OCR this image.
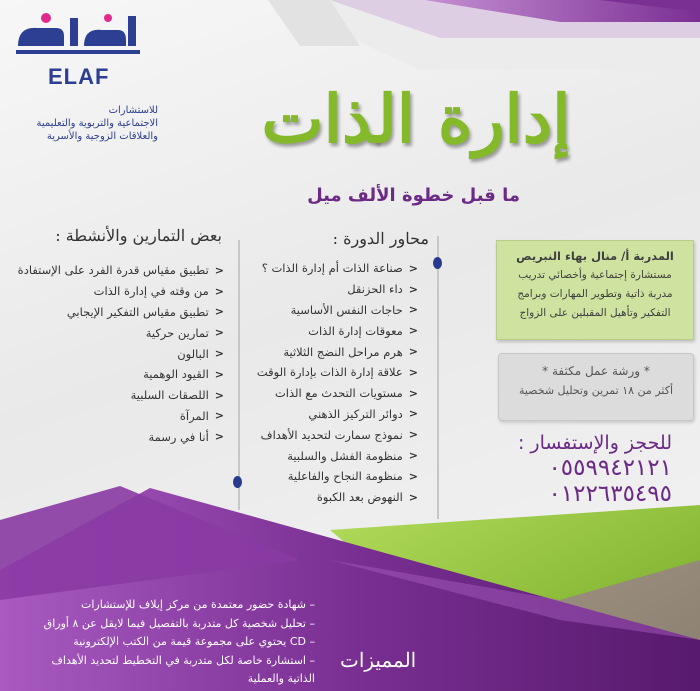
ELAF
للاستشارات
الاجتماعية والتربوية والتعليمية
والعلاقات الزوجية والأسرية	إدارة الذات
ما قبل خطوة الألف ميل
المدربة أ/ منال بهاء النبريص
مستشارة إجتماعية وأخصائي تدريب
مدربة ذاتية وتطوير المهارات وبرامج
التفكير وتأهيل المقبلين على الزواج
* ورشة عمل مكثفة *
أكثر من ١٨ تمرين وتحليل شخصية
للحجز والإستفسار :
٠٥٥٩٩٤٢١٢١
٠١٢٢٦٣٥٤٩٥
محاور الدورة :
<
صناعة الذات أم إدارة الذات ؟
<
داء الحزنقل
<
حاجات النفس الأساسية
<
معوقات إدارة الذات
<
هرم مراحل النضج الثلاثية
<
علاقة إدارة الذات بإدارة الوقت
<
مستويات التحدث مع الذات
<
دوائر التركيز الذهني
<
نموذج سمارت لتحديد الأهداف
<
منظومة الفشل والسلبية
<
منظومة النجاح والفاعلية
<
النهوض بعد الكبوة
بعض التمارين والأنشطة :
<
تطبيق مقياس قدرة الفرد على الإستفادة
<
من وقته في إدارة الذات
<
تطبيق مقياس التفكير الإيجابي
<
تمارين حركية
<
البالون
<
القيود الوهمية
<
اللصقات السلبية
<
المرآة
<
أنا في رسمة
– شهادة حضور معتمدة من مركز إيلاف للإستشارات
– تحليل شخصية كل متدربة بالتفصيل فيما لايقل عن ٨ أوراق
– CD يحتوي على مجموعة قيمة من الكتب الإلكترونية
– استشارة خاصة لكل متدربة في التخطيط لتحديد الأهداف
الذاتية والعملية
المميزات
